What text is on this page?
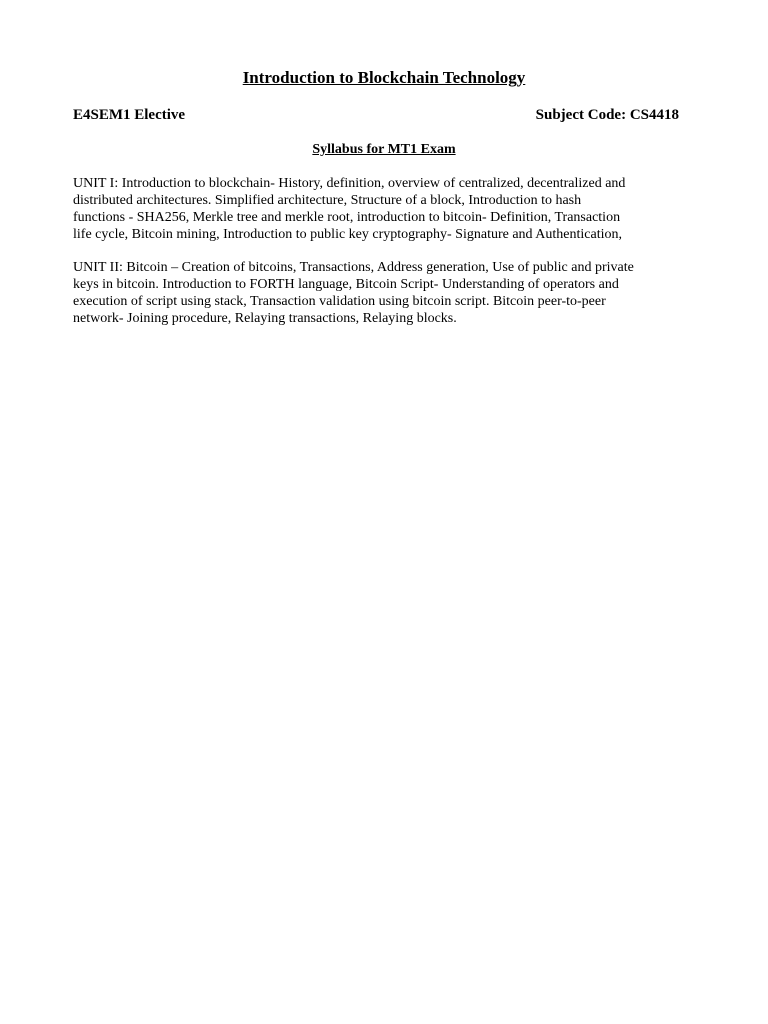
Introduction to Blockchain Technology
E4SEM1 Elective	Subject Code: CS4418
Syllabus for MT1 Exam
UNIT I: Introduction to blockchain- History, definition, overview of centralized, decentralized and
distributed architectures. Simplified architecture, Structure of a block, Introduction to hash
functions - SHA256, Merkle tree and merkle root, introduction to bitcoin- Definition, Transaction
life cycle, Bitcoin mining, Introduction to public key cryptography- Signature and Authentication,
UNIT II: Bitcoin – Creation of bitcoins, Transactions, Address generation, Use of public and private
keys in bitcoin. Introduction to FORTH language, Bitcoin Script- Understanding of operators and
execution of script using stack, Transaction validation using bitcoin script. Bitcoin peer-to-peer
network- Joining procedure, Relaying transactions, Relaying blocks.
